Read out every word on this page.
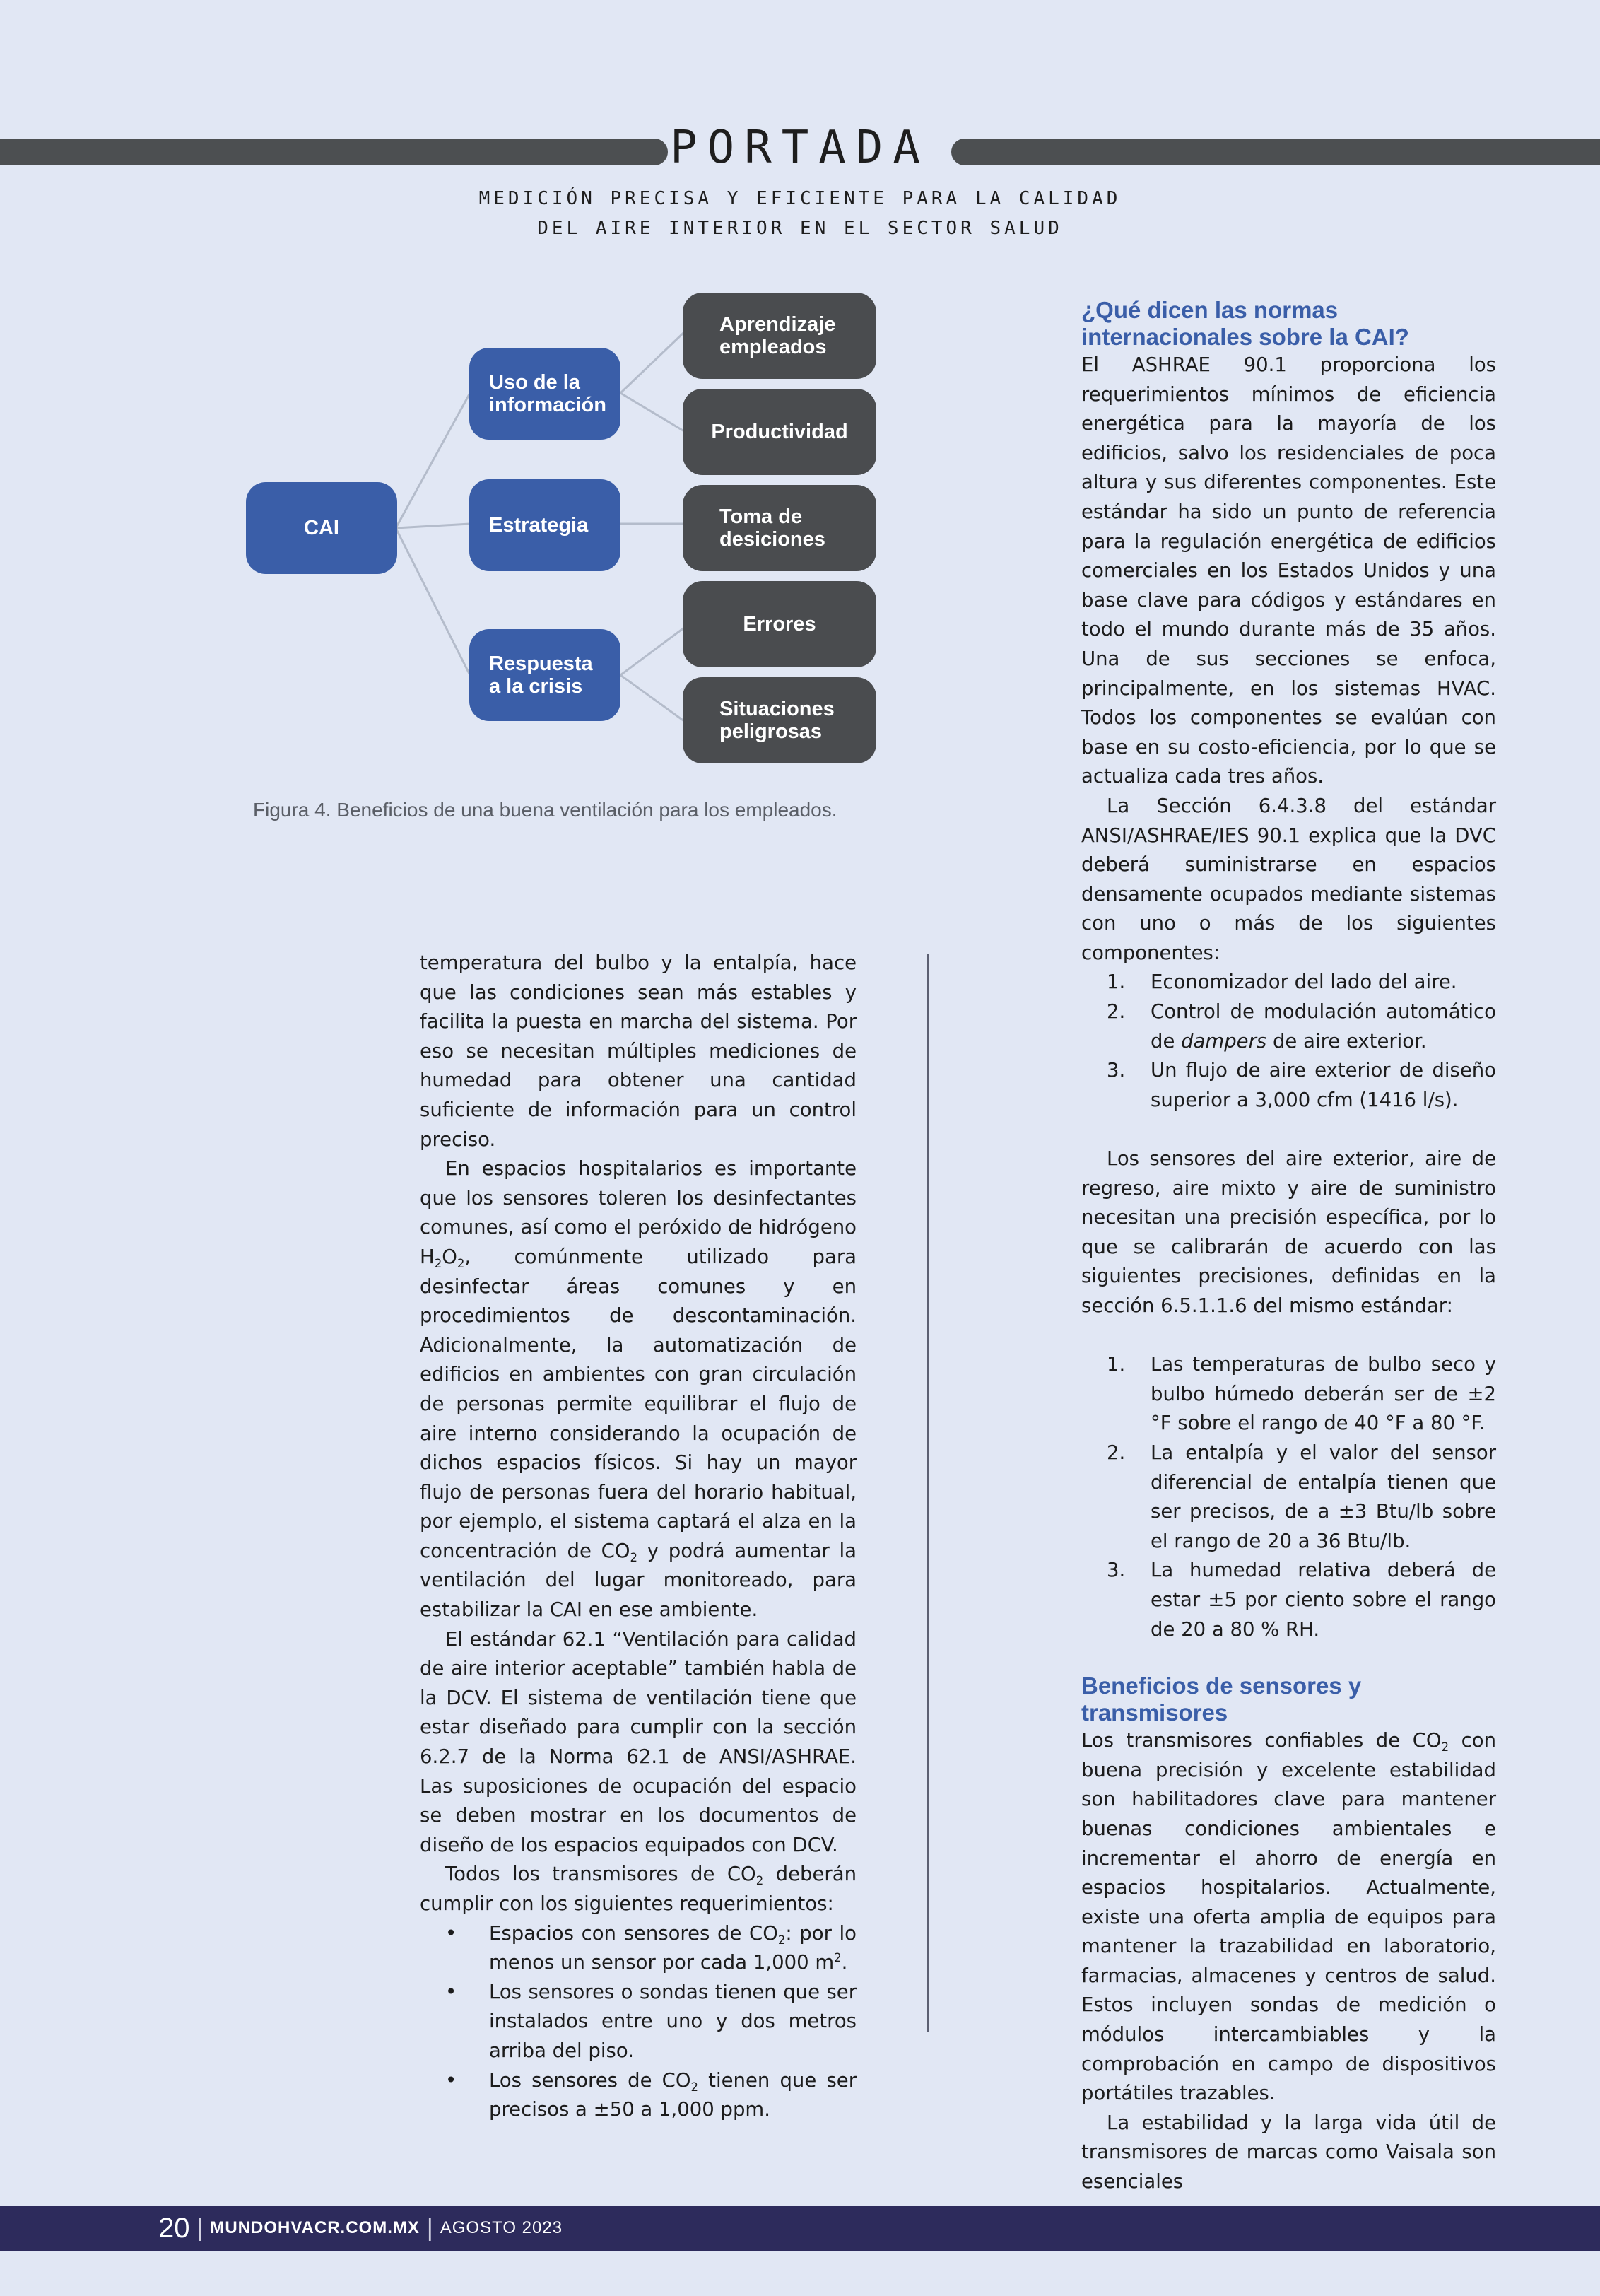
PORTADA
MEDICIÓN PRECISA Y EFICIENTE PARA LA CALIDAD
DEL AIRE INTERIOR EN EL SECTOR SALUD
CAI
Uso de la
información
Estrategia
Respuesta
a la crisis
Aprendizaje
empleados
Productividad
Toma de
desiciones
Errores
Situaciones
peligrosas
Figura 4. Beneficios de una buena ventilación para los empleados.

temperatura del bulbo y la entalpía, hace que las condiciones sean más estables y facilita la puesta en marcha del sistema. Por eso se necesitan múltiples mediciones de humedad para obtener una cantidad suficiente de información para un control preciso.

En espacios hospitalarios es importante que los sensores toleren los desinfectantes comunes, así como el peróxido de hidrógeno $H_2O_2$, comúnmente utilizado para desinfectar áreas comunes y en procedimientos de descontaminación. Adicionalmente, la automatización de edificios en ambientes con gran circulación de personas permite equilibrar el flujo de aire interno considerando la ocupación de dichos espacios físicos. Si hay un mayor flujo de personas fuera del horario habitual, por ejemplo, el sistema captará el alza en la concentración de $CO_2$ y podrá aumentar la ventilación del lugar monitoreado, para estabilizar la CAI en ese ambiente.

El estándar 62.1 “Ventilación para calidad de aire interior aceptable” también habla de la DCV. El sistema de ventilación tiene que estar diseñado para cumplir con la sección 6.2.7 de la Norma 62.1 de ANSI/ASHRAE. Las suposiciones de ocupación del espacio se deben mostrar en los documentos de diseño de los espacios equipados con DCV.

Todos los transmisores de $CO_2$ deberán cumplir con los siguientes requerimientos:

• Espacios con sensores de $CO_2$: por lo menos un sensor por cada 1,000 $m^2$.
• Los sensores o sondas tienen que ser instalados entre uno y dos metros arriba del piso.
• Los sensores de $CO_2$ tienen que ser precisos a ±50 a 1,000 ppm.
¿Qué dicen las normas internacionales sobre la CAI?

El ASHRAE 90.1 proporciona los requerimientos mínimos de eficiencia energética para la mayoría de los edificios, salvo los residenciales de poca altura y sus diferentes componentes. Este estándar ha sido un punto de referencia para la regulación energética de edificios comerciales en los Estados Unidos y una base clave para códigos y estándares en todo el mundo durante más de 35 años. Una de sus secciones se enfoca, principalmente, en los sistemas HVAC. Todos los componentes se evalúan con base en su costo-eficiencia, por lo que se actualiza cada tres años.

La Sección 6.4.3.8 del estándar ANSI/ASHRAE/IES 90.1 explica que la DVC deberá suministrarse en espacios densamente ocupados mediante sistemas con uno o más de los siguientes componentes:

1. Economizador del lado del aire.
2. Control de modulación automático de dampers de aire exterior.
3. Un flujo de aire exterior de diseño superior a 3,000 cfm (1416 l/s).

Los sensores del aire exterior, aire de regreso, aire mixto y aire de suministro necesitan una precisión específica, por lo que se calibrarán de acuerdo con las siguientes precisiones, definidas en la sección 6.5.1.1.6 del mismo estándar:

1. Las temperaturas de bulbo seco y bulbo húmedo deberán ser de ±2 °F sobre el rango de 40 °F a 80 °F.
2. La entalpía y el valor del sensor diferencial de entalpía tienen que ser precisos, de a ±3 Btu/lb sobre el rango de 20 a 36 Btu/lb.
3. La humedad relativa deberá de estar ±5 por ciento sobre el rango de 20 a 80 % RH.
Beneficios de sensores y transmisores

Los transmisores confiables de $CO_2$ con buena precisión y excelente estabilidad son habilitadores clave para mantener buenas condiciones ambientales e incrementar el ahorro de energía en espacios hospitalarios. Actualmente, existe una oferta amplia de equipos para mantener la trazabilidad en laboratorio, farmacias, almacenes y centros de salud. Estos incluyen sondas de medición o módulos intercambiables y la comprobación en campo de dispositivos portátiles trazables.

La estabilidad y la larga vida útil de transmisores de marcas como Vaisala son esenciales

20 | MUNDOHVACR.COM.MX | AGOSTO 2023
